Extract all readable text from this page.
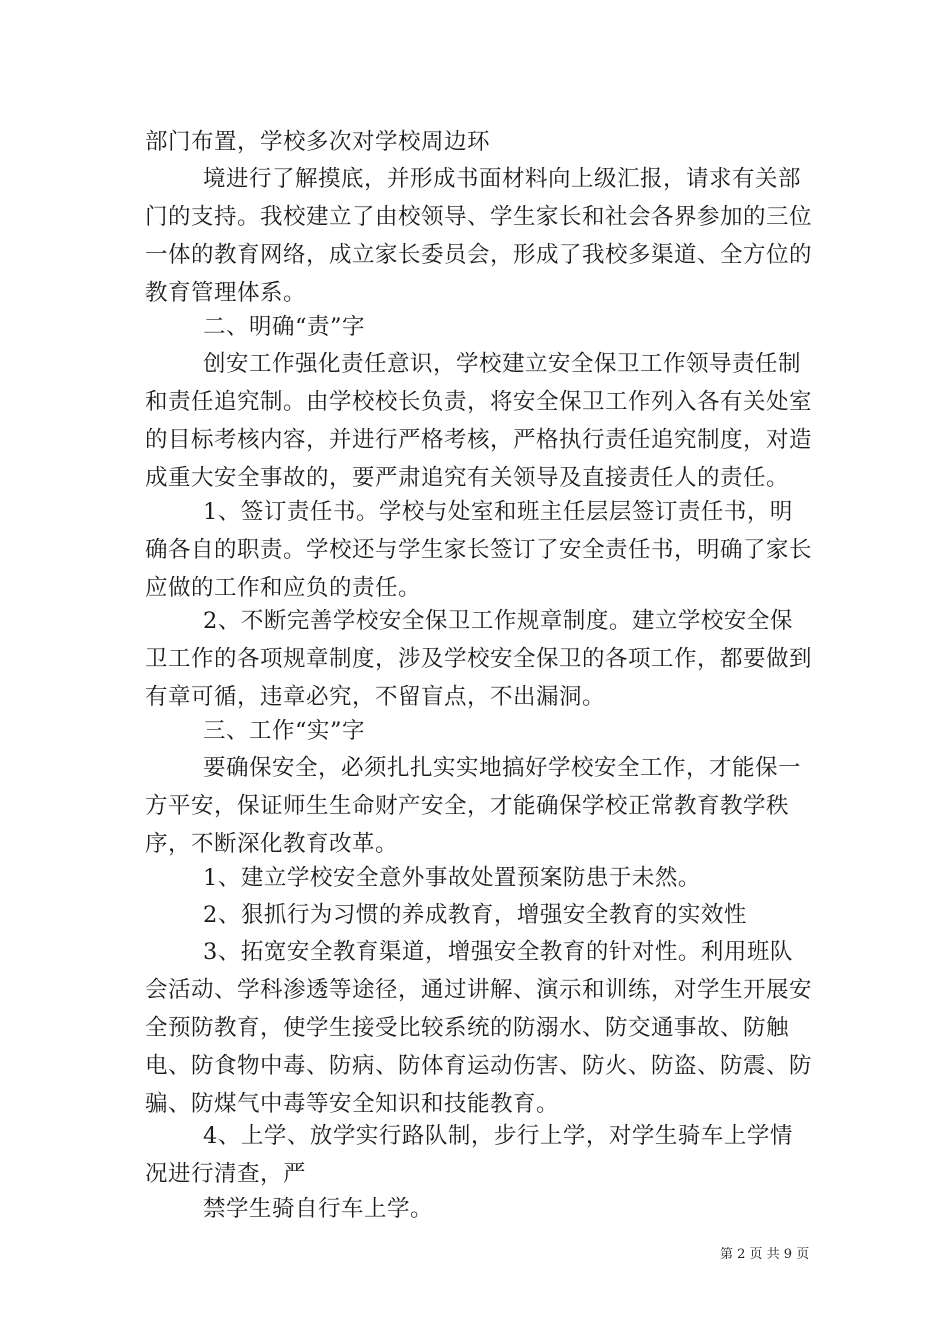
部门布置，学校多次对学校周边环

境进行了解摸底，并形成书面材料向上级汇报，请求有关部门的支持。我校建立了由校领导、学生家长和社会各界参加的三位一体的教育网络，成立家长委员会，形成了我校多渠道、全方位的教育管理体系。

二、明确“责”字

创安工作强化责任意识，学校建立安全保卫工作领导责任制和责任追究制。由学校校长负责，将安全保卫工作列入各有关处室的目标考核内容，并进行严格考核，严格执行责任追究制度，对造成重大安全事故的，要严肃追究有关领导及直接责任人的责任。

1、签订责任书。学校与处室和班主任层层签订责任书，明确各自的职责。学校还与学生家长签订了安全责任书，明确了家长应做的工作和应负的责任。

2、不断完善学校安全保卫工作规章制度。建立学校安全保卫工作的各项规章制度，涉及学校安全保卫的各项工作，都要做到有章可循，违章必究，不留盲点，不出漏洞。

三、工作“实”字

要确保安全，必须扎扎实实地搞好学校安全工作，才能保一方平安，保证师生生命财产安全，才能确保学校正常教育教学秩序，不断深化教育改革。

1、建立学校安全意外事故处置预案防患于未然。

2、狠抓行为习惯的养成教育，增强安全教育的实效性

3、拓宽安全教育渠道，增强安全教育的针对性。利用班队会活动、学科渗透等途径，通过讲解、演示和训练，对学生开展安全预防教育，使学生接受比较系统的防溺水、防交通事故、防触电、防食物中毒、防病、防体育运动伤害、防火、防盗、防震、防骗、防煤气中毒等安全知识和技能教育。

4、上学、放学实行路队制，步行上学，对学生骑车上学情况进行清查，严

禁学生骑自行车上学。

第 2 页 共 9 页
